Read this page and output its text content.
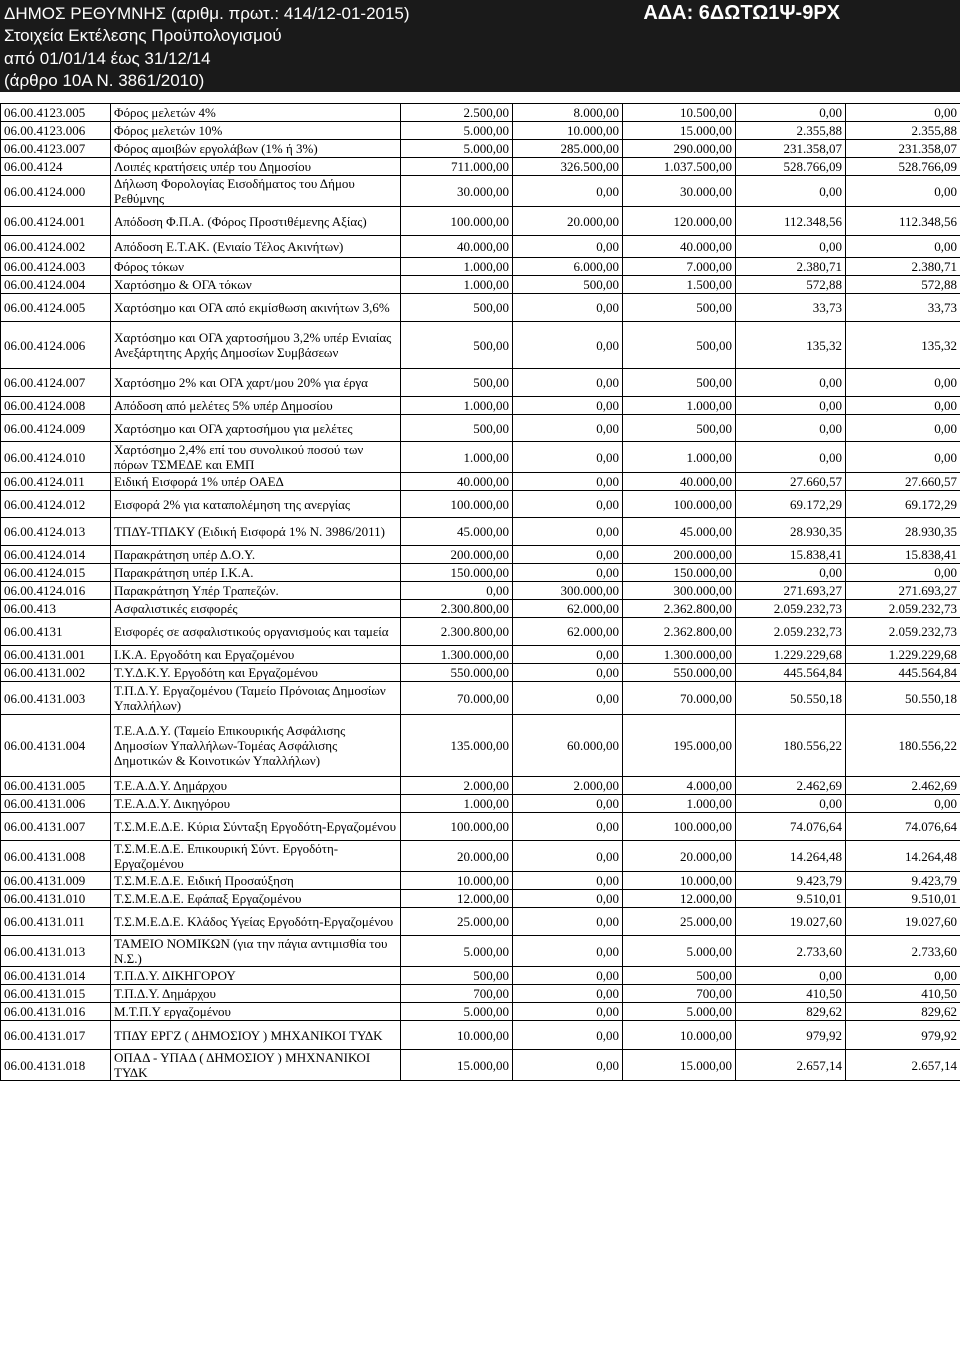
ΔΗΜΟΣ ΡΕΘΥΜΝΗΣ (αριθμ. πρωτ.: 414/12-01-2015)
Στοιχεία Εκτέλεσης Προϋπολογισμού
από 01/01/14 έως 31/12/14
(άρθρο 10Α Ν. 3861/2010)
ΑΔΑ: 6ΔΩΤΩ1Ψ-9ΡΧ
06.00.4123.005	Φόρος μελετών 4%	2.500,00	8.000,00	10.500,00	0,00	0,00
06.00.4123.006	Φόρος μελετών 10%	5.000,00	10.000,00	15.000,00	2.355,88	2.355,88
06.00.4123.007	Φόρος αμοιβών εργολάβων (1% ή 3%)	5.000,00	285.000,00	290.000,00	231.358,07	231.358,07
06.00.4124	Λοιπές κρατήσεις υπέρ του Δημοσίου	711.000,00	326.500,00	1.037.500,00	528.766,09	528.766,09
06.00.4124.000	Δήλωση Φορολογίας Εισοδήματος του Δήμου Ρεθύμνης	30.000,00	0,00	30.000,00	0,00	0,00
06.00.4124.001	Απόδοση Φ.Π.Α. (Φόρος Προστιθέμενης Αξίας)	100.000,00	20.000,00	120.000,00	112.348,56	112.348,56
06.00.4124.002	Απόδοση Ε.Τ.ΑΚ. (Ενιαίο Τέλος Ακινήτων)	40.000,00	0,00	40.000,00	0,00	0,00
06.00.4124.003	Φόρος τόκων	1.000,00	6.000,00	7.000,00	2.380,71	2.380,71
06.00.4124.004	Χαρτόσημο & ΟΓΑ τόκων	1.000,00	500,00	1.500,00	572,88	572,88
06.00.4124.005	Χαρτόσημο και ΟΓΑ από εκμίσθωση ακινήτων 3,6%	500,00	0,00	500,00	33,73	33,73
06.00.4124.006	Χαρτόσημο και ΟΓΑ χαρτοσήμου 3,2% υπέρ Ενιαίας Ανεξάρτητης Αρχής Δημοσίων Συμβάσεων	500,00	0,00	500,00	135,32	135,32
06.00.4124.007	Χαρτόσημο 2% και ΟΓΑ χαρτ/μου 20% για έργα	500,00	0,00	500,00	0,00	0,00
06.00.4124.008	Απόδοση από μελέτες 5% υπέρ Δημοσίου	1.000,00	0,00	1.000,00	0,00	0,00
06.00.4124.009	Χαρτόσημο και ΟΓΑ χαρτοσήμου για μελέτες	500,00	0,00	500,00	0,00	0,00
06.00.4124.010	Χαρτόσημο 2,4% επί του συνολικού ποσού των πόρων ΤΣΜΕΔΕ και ΕΜΠ	1.000,00	0,00	1.000,00	0,00	0,00
06.00.4124.011	Ειδική Εισφορά 1% υπέρ ΟΑΕΔ	40.000,00	0,00	40.000,00	27.660,57	27.660,57
06.00.4124.012	Εισφορά 2% για καταπολέμηση της ανεργίας	100.000,00	0,00	100.000,00	69.172,29	69.172,29
06.00.4124.013	ΤΠΔΥ-ΤΠΔΚΥ (Ειδική Εισφορά 1% Ν. 3986/2011)	45.000,00	0,00	45.000,00	28.930,35	28.930,35
06.00.4124.014	Παρακράτηση υπέρ Δ.Ο.Υ.	200.000,00	0,00	200.000,00	15.838,41	15.838,41
06.00.4124.015	Παρακράτηση υπέρ Ι.Κ.Α.	150.000,00	0,00	150.000,00	0,00	0,00
06.00.4124.016	Παρακράτηση Υπέρ Τραπεζών.	0,00	300.000,00	300.000,00	271.693,27	271.693,27
06.00.413	Ασφαλιστικές εισφορές	2.300.800,00	62.000,00	2.362.800,00	2.059.232,73	2.059.232,73
06.00.4131	Εισφορές σε ασφαλιστικούς οργανισμούς και ταμεία	2.300.800,00	62.000,00	2.362.800,00	2.059.232,73	2.059.232,73
06.00.4131.001	Ι.Κ.Α. Εργοδότη και Εργαζομένου	1.300.000,00	0,00	1.300.000,00	1.229.229,68	1.229.229,68
06.00.4131.002	Τ.Υ.Δ.Κ.Υ. Εργοδότη και Εργαζομένου	550.000,00	0,00	550.000,00	445.564,84	445.564,84
06.00.4131.003	Τ.Π.Δ.Υ. Εργαζομένου (Ταμείο Πρόνοιας Δημοσίων Υπαλλήλων)	70.000,00	0,00	70.000,00	50.550,18	50.550,18
06.00.4131.004	Τ.Ε.Α.Δ.Υ. (Ταμείο Επικουρικής Ασφάλισης Δημοσίων Υπαλλήλων-Τομέας Ασφάλισης Δημοτικών & Κοινοτικών Υπαλλήλων)	135.000,00	60.000,00	195.000,00	180.556,22	180.556,22
06.00.4131.005	Τ.Ε.Α.Δ.Υ. Δημάρχου	2.000,00	2.000,00	4.000,00	2.462,69	2.462,69
06.00.4131.006	Τ.Ε.Α.Δ.Υ. Δικηγόρου	1.000,00	0,00	1.000,00	0,00	0,00
06.00.4131.007	Τ.Σ.Μ.Ε.Δ.Ε. Κύρια Σύνταξη Εργοδότη-Εργαζομένου	100.000,00	0,00	100.000,00	74.076,64	74.076,64
06.00.4131.008	Τ.Σ.Μ.Ε.Δ.Ε. Επικουρική Σύντ. Εργοδότη-Εργαζομένου	20.000,00	0,00	20.000,00	14.264,48	14.264,48
06.00.4131.009	Τ.Σ.Μ.Ε.Δ.Ε. Ειδική Προσαύξηση	10.000,00	0,00	10.000,00	9.423,79	9.423,79
06.00.4131.010	Τ.Σ.Μ.Ε.Δ.Ε. Εφάπαξ Εργαζομένου	12.000,00	0,00	12.000,00	9.510,01	9.510,01
06.00.4131.011	Τ.Σ.Μ.Ε.Δ.Ε. Κλάδος Υγείας Εργοδότη-Εργαζομένου	25.000,00	0,00	25.000,00	19.027,60	19.027,60
06.00.4131.013	ΤΑΜΕΙΟ ΝΟΜΙΚΩΝ (για την πάγια αντιμισθία του Ν.Σ.)	5.000,00	0,00	5.000,00	2.733,60	2.733,60
06.00.4131.014	Τ.Π.Δ.Υ. ΔΙΚΗΓΟΡΟΥ	500,00	0,00	500,00	0,00	0,00
06.00.4131.015	Τ.Π.Δ.Υ. Δημάρχου	700,00	0,00	700,00	410,50	410,50
06.00.4131.016	Μ.Τ.Π.Υ εργαζομένου	5.000,00	0,00	5.000,00	829,62	829,62
06.00.4131.017	ΤΠΔΥ ΕΡΓΖ ( ΔΗΜΟΣΙΟΥ ) ΜΗΧΑΝΙΚΟΙ ΤΥΔΚ	10.000,00	0,00	10.000,00	979,92	979,92
06.00.4131.018	ΟΠΑΔ - ΥΠΑΔ ( ΔΗΜΟΣΙΟΥ ) ΜΗΧΝΑΝΙΚΟΙ ΤΥΔΚ	15.000,00	0,00	15.000,00	2.657,14	2.657,14
